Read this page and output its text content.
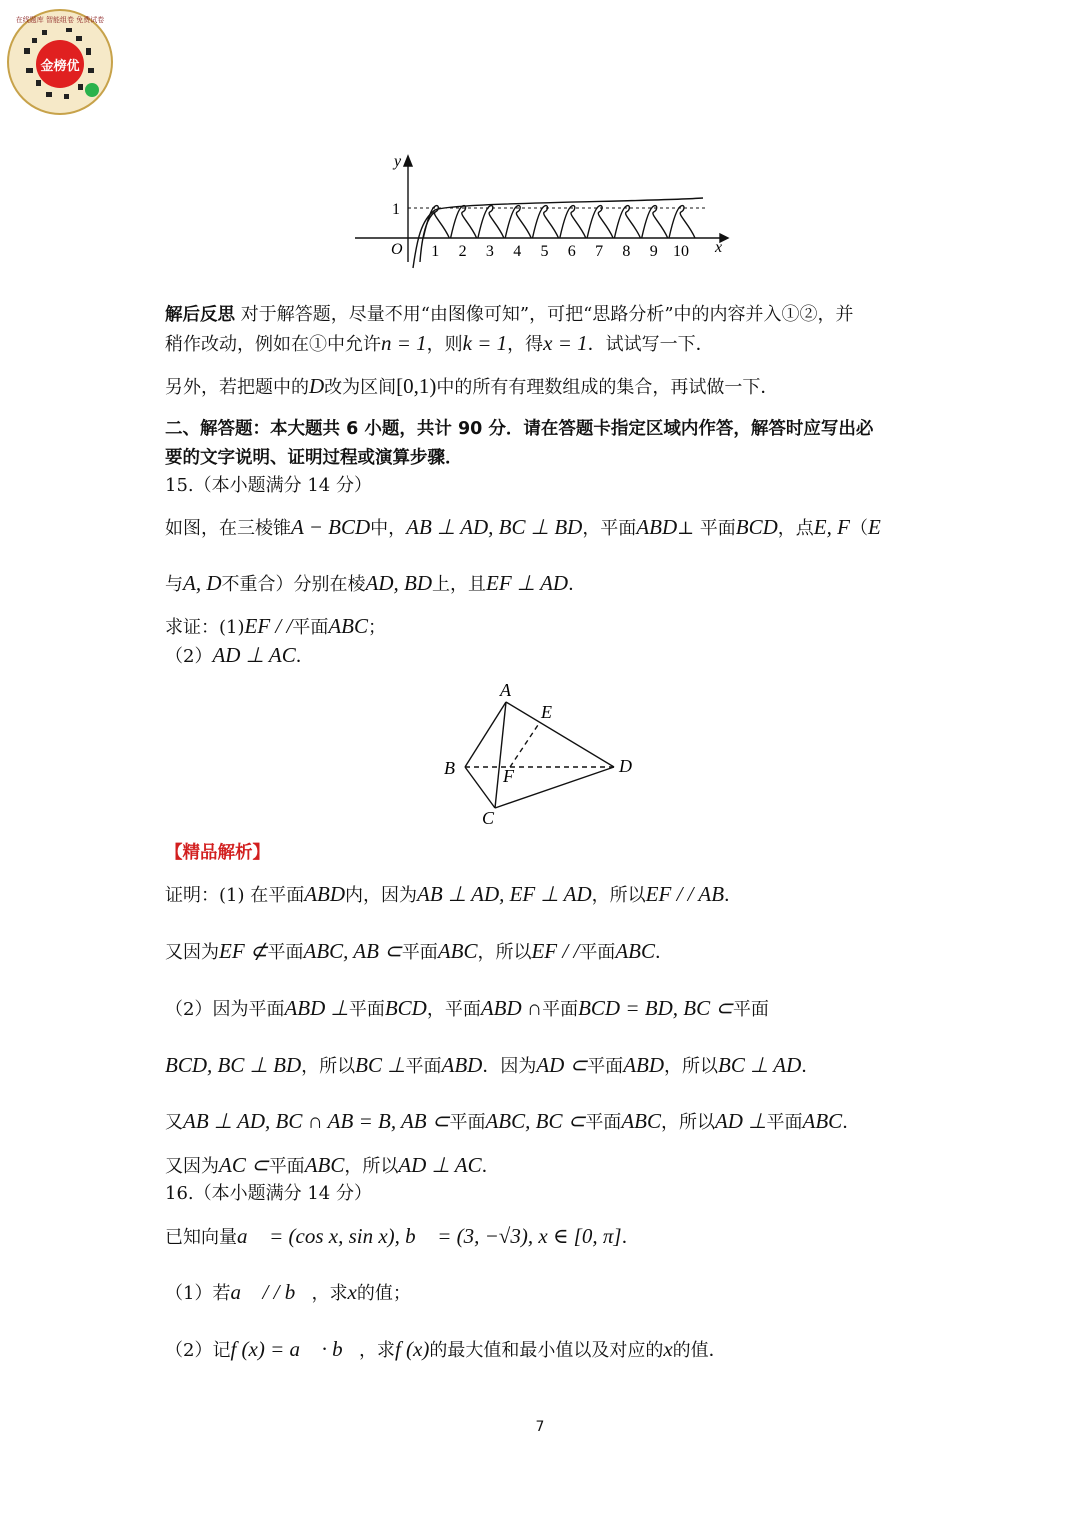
金榜优
在线题库 智能组卷 免费试卷
y
x
O
1
1 2 3 4 5 6 7 8 9 10
解后反思 对于解答题，尽量不用“由图像可知”，可把“思路分析”中的内容并入①②，并
稍作改动，例如在①中允许n = 1，则k = 1，得x = 1．试试写一下．
另外，若把题中的D改为区间[0,1)中的所有有理数组成的集合，再试做一下．
二、解答题：本大题共 6 小题，共计 90 分．请在答题卡指定区域内作答，解答时应写出必
要的文字说明、证明过程或演算步骤．
15.（本小题满分 14 分）
如图，在三棱锥A − BCD中，AB ⊥ AD, BC ⊥ BD，平面ABD⊥ 平面BCD，点E, F（E
与A, D不重合）分别在棱AD, BD上，且EF ⊥ AD．
求证：(1)EF / /平面ABC；
（2）AD ⊥ AC．
A
B
C
D
E
F
【精品解析】
证明：(1) 在平面ABD内，因为AB ⊥ AD, EF ⊥ AD，所以EF / / AB．
又因为EF ⊄平面ABC, AB ⊂平面ABC，所以EF / /平面ABC．
（2）因为平面ABD ⊥平面BCD，平面ABD ∩平面BCD = BD, BC ⊂平面
BCD, BC ⊥ BD，所以BC ⊥平面ABD．因为AD ⊂平面ABD，所以BC ⊥ AD．
又AB ⊥ AD, BC ∩ AB = B, AB ⊂平面ABC, BC ⊂平面ABC，所以AD ⊥平面ABC．
又因为AC ⊂平面ABC，所以AD ⊥ AC．
16.（本小题满分 14 分）
已知向量a⃗ = (cos x, sin x), b⃗ = (3, −√3), x ∈ [0, π]．
（1）若a⃗ / / b⃗，求x的值；
（2）记f (x) = a⃗ · b⃗，求f (x)的最大值和最小值以及对应的x的值．
7
